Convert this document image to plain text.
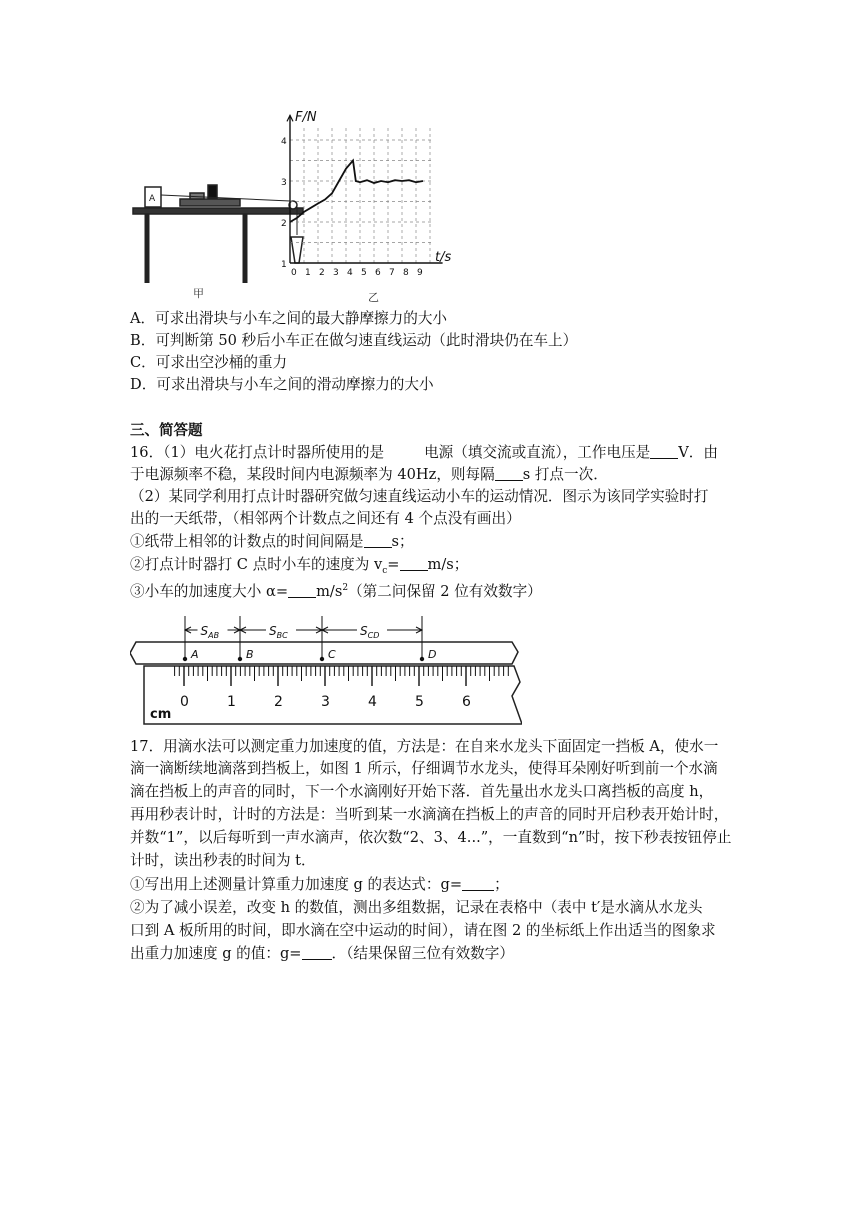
A
甲
1
2
3
4
0 1 2 3 4 5 6 7 8 9
F/N
t/s
乙
A．可求出滑块与小车之间的最大静摩擦力的大小
B．可判断第 50 秒后小车正在做匀速直线运动（此时滑块仍在车上）
C．可求出空沙桶的重力
D．可求出滑块与小车之间的滑动摩擦力的大小
三、简答题
16．（1）电火花打点计时器所使用的是	电源（填交流或直流），工作电压是 V．由
于电源频率不稳，某段时间内电源频率为 40Hz，则每隔 s 打点一次．
（2）某同学利用打点计时器研究做匀速直线运动小车的运动情况．图示为该同学实验时打
出的一天纸带，（相邻两个计数点之间还有 4 个点没有画出）
①纸带上相邻的计数点的时间间隔是 s；
②打点计时器打 C 点时小车的速度为 $v_c= m/s$；
③小车的加速度大小 $\alpha= m/s^2$（第二问保留 2 位有效数字）
0	1	2	3	4	5	6
A	B	C	D
$S_{AB}$	$S_{BC}$	$S_{CD}$
cm
17．用滴水法可以测定重力加速度的值，方法是：在自来水龙头下面固定一挡板 A，使水一
滴一滴断续地滴落到挡板上，如图 1 所示，仔细调节水龙头，使得耳朵刚好听到前一个水滴
滴在挡板上的声音的同时，下一个水滴刚好开始下落．首先量出水龙头口离挡板的高度 h，
再用秒表计时，计时的方法是：当听到某一水滴滴在挡板上的声音的同时开启秒表开始计时，
并数“1”，以后每听到一声水滴声，依次数“2、3、4...”，一直数到“n”时，按下秒表按钮停止
计时，读出秒表的时间为 t．
①写出用上述测量计算重力加速度 g 的表达式：g= ；
②为了减小误差，改变 h 的数值，测出多组数据，记录在表格中（表中 t′是水滴从水龙头
口到 A 板所用的时间，即水滴在空中运动的时间），请在图 2 的坐标纸上作出适当的图象求
出重力加速度 g 的值：g= ．（结果保留三位有效数字）
